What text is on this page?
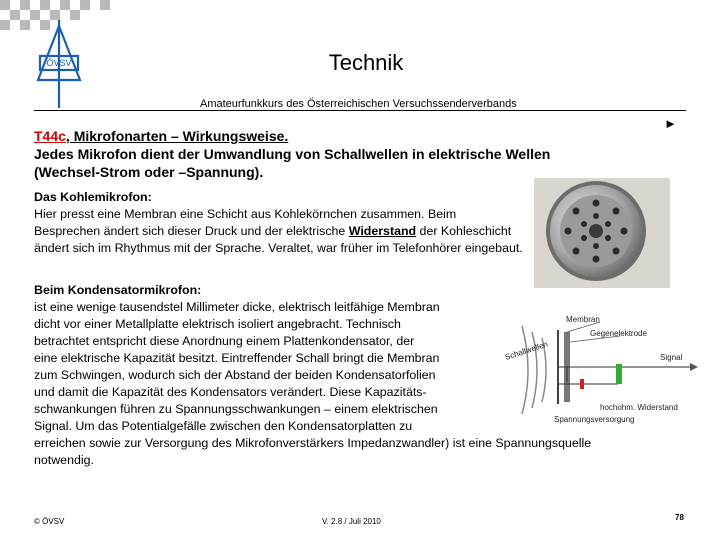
ÖVSV	Technik
Amateurfunkkurs des Österreichischen Versuchssenderverbands
►
T44c, Mikrofonarten – Wirkungsweise.
Jedes Mikrofon dient der Umwandlung von Schallwellen in elektrische Wellen
(Wechsel-Strom oder –Spannung).
Das Kohlemikrofon:
Hier presst eine Membran eine Schicht aus Kohlekörnchen zusammen. Beim Besprechen ändert sich dieser Druck und der elektrische Widerstand der Kohleschicht ändert sich im Rhythmus mit der Sprache. Veraltet, war früher im Telefonhörer eingebaut.
Beim Kondensatormikrofon:
ist eine wenige tausendstel Millimeter dicke, elektrisch leitfähige Membran
dicht vor einer Metallplatte elektrisch isoliert angebracht. Technisch
betrachtet entspricht diese Anordnung einem Plattenkondensator, der
eine elektrische Kapazität besitzt. Eintreffender Schall bringt die Membran
zum Schwingen, wodurch sich der Abstand der beiden Kondensatorfolien
und damit die Kapazität des Kondensators verändert. Diese Kapazitäts-
schwankungen führen zu Spannungsschwankungen – einem elektrischen
Signal. Um das Potentialgefälle zwischen den Kondensatorplatten zu
erreichen sowie zur Versorgung des Mikrofonverstärkers Impedanzwandler) ist eine Spannungsquelle
notwendig.
Membran
Gegenelektrode
Schallwellen	Signal
hochohm. Widerstand
Spannungsversorgung
© ÖVSV	V. 2.8 / Juli 2010	78
